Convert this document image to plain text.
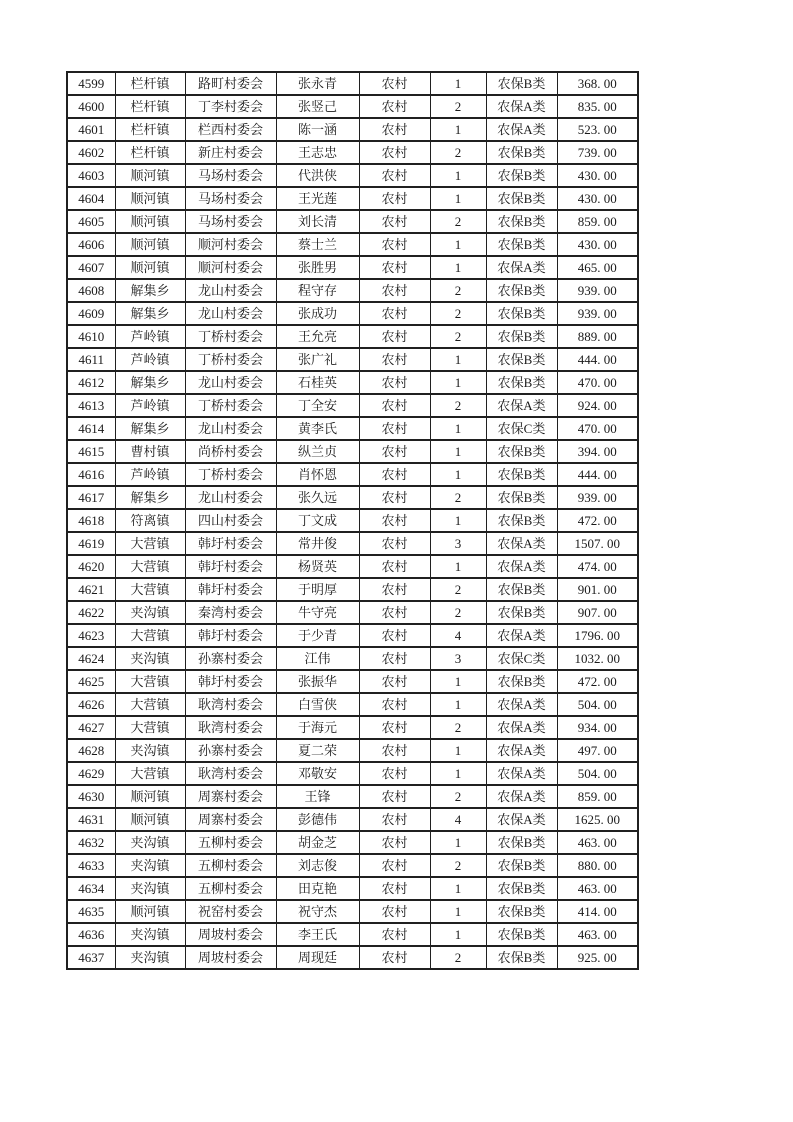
4599	栏杆镇	路町村委会	张永青	农村	1	农保B类	368. 00
4600	栏杆镇	丁李村委会	张竖己	农村	2	农保A类	835. 00
4601	栏杆镇	栏西村委会	陈一涵	农村	1	农保A类	523. 00
4602	栏杆镇	新庄村委会	王志忠	农村	2	农保B类	739. 00
4603	顺河镇	马场村委会	代洪侠	农村	1	农保B类	430. 00
4604	顺河镇	马场村委会	王光莲	农村	1	农保B类	430. 00
4605	顺河镇	马场村委会	刘长清	农村	2	农保B类	859. 00
4606	顺河镇	顺河村委会	蔡士兰	农村	1	农保B类	430. 00
4607	顺河镇	顺河村委会	张胜男	农村	1	农保A类	465. 00
4608	解集乡	龙山村委会	程守存	农村	2	农保B类	939. 00
4609	解集乡	龙山村委会	张成功	农村	2	农保B类	939. 00
4610	芦岭镇	丁桥村委会	王允亮	农村	2	农保B类	889. 00
4611	芦岭镇	丁桥村委会	张广礼	农村	1	农保B类	444. 00
4612	解集乡	龙山村委会	石桂英	农村	1	农保B类	470. 00
4613	芦岭镇	丁桥村委会	丁全安	农村	2	农保A类	924. 00
4614	解集乡	龙山村委会	黄李氏	农村	1	农保C类	470. 00
4615	曹村镇	尚桥村委会	纵兰贞	农村	1	农保B类	394. 00
4616	芦岭镇	丁桥村委会	肖怀恩	农村	1	农保B类	444. 00
4617	解集乡	龙山村委会	张久远	农村	2	农保B类	939. 00
4618	符离镇	四山村委会	丁文成	农村	1	农保B类	472. 00
4619	大营镇	韩圩村委会	常井俊	农村	3	农保A类	1507. 00
4620	大营镇	韩圩村委会	杨贤英	农村	1	农保A类	474. 00
4621	大营镇	韩圩村委会	于明厚	农村	2	农保B类	901. 00
4622	夹沟镇	秦湾村委会	牛守亮	农村	2	农保B类	907. 00
4623	大营镇	韩圩村委会	于少青	农村	4	农保A类	1796. 00
4624	夹沟镇	孙寨村委会	江伟	农村	3	农保C类	1032. 00
4625	大营镇	韩圩村委会	张振华	农村	1	农保B类	472. 00
4626	大营镇	耿湾村委会	白雪侠	农村	1	农保A类	504. 00
4627	大营镇	耿湾村委会	于海元	农村	2	农保A类	934. 00
4628	夹沟镇	孙寨村委会	夏二荣	农村	1	农保A类	497. 00
4629	大营镇	耿湾村委会	邓敬安	农村	1	农保A类	504. 00
4630	顺河镇	周寨村委会	王锋	农村	2	农保A类	859. 00
4631	顺河镇	周寨村委会	彭德伟	农村	4	农保A类	1625. 00
4632	夹沟镇	五柳村委会	胡金芝	农村	1	农保B类	463. 00
4633	夹沟镇	五柳村委会	刘志俊	农村	2	农保B类	880. 00
4634	夹沟镇	五柳村委会	田克艳	农村	1	农保B类	463. 00
4635	顺河镇	祝窑村委会	祝守杰	农村	1	农保B类	414. 00
4636	夹沟镇	周坡村委会	李王氏	农村	1	农保B类	463. 00
4637	夹沟镇	周坡村委会	周现廷	农村	2	农保B类	925. 00
